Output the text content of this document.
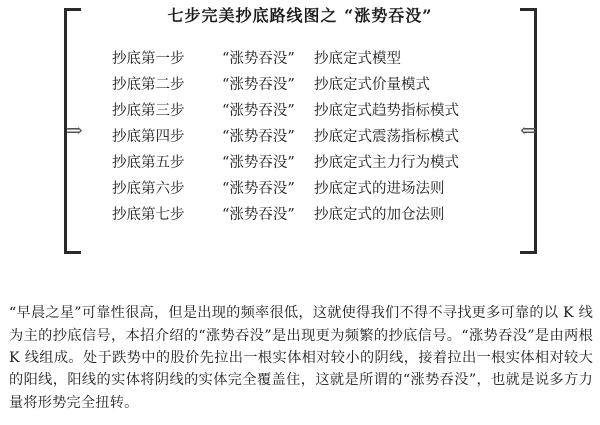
⇒	⇐
七步完美抄底路线图之 “涨势吞没”
抄底第一步	“涨势吞没” 抄底定式模型
抄底第二步	“涨势吞没” 抄底定式价量模式
抄底第三步	“涨势吞没” 抄底定式趋势指标模式
抄底第四步	“涨势吞没” 抄底定式震荡指标模式
抄底第五步	“涨势吞没” 抄底定式主力行为模式
抄底第六步	“涨势吞没” 抄底定式的进场法则
抄底第七步	“涨势吞没” 抄底定式的加仓法则

“早晨之星”可靠性很高，但是出现的频率很低，这就使得我们不得不寻找更多可靠的以 K 线为主的抄底信号，本招介绍的“涨势吞没”是出现更为频繁的抄底信号。“涨势吞没”是由两根 K 线组成。处于跌势中的股价先拉出一根实体相对较小的阴线，接着拉出一根实体相对较大的阳线，阳线的实体将阴线的实体完全覆盖住，这就是所谓的“涨势吞没”，也就是说多方力量将形势完全扭转。
